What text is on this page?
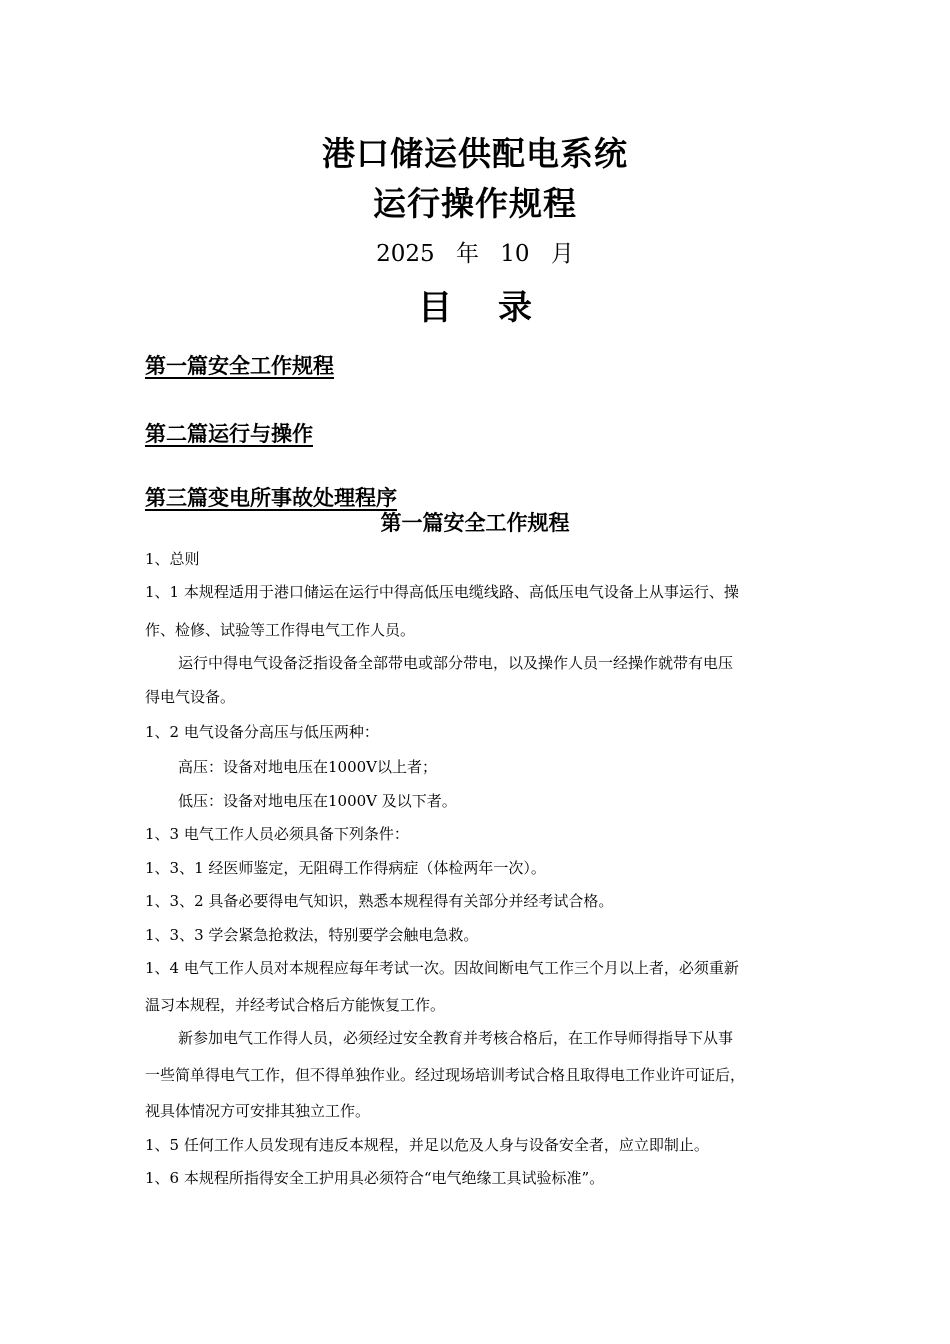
港口储运供配电系统
运行操作规程
2025 年 10 月
目录
第一篇安全工作规程
第二篇运行与操作
第三篇变电所事故处理程序
第一篇安全工作规程
1、总则
1、1 本规程适用于港口储运在运行中得高低压电缆线路、高低压电气设备上从事运行、操
作、检修、试验等工作得电气工作人员。
运行中得电气设备泛指设备全部带电或部分带电，以及操作人员一经操作就带有电压
得电气设备。
1、2 电气设备分高压与低压两种：
高压：设备对地电压在1000V以上者；
低压：设备对地电压在1000V 及以下者。
1、3 电气工作人员必须具备下列条件：
1、3、1 经医师鉴定，无阻碍工作得病症（体检两年一次）。
1、3、2 具备必要得电气知识，熟悉本规程得有关部分并经考试合格。
1、3、3 学会紧急抢救法，特别要学会触电急救。
1、4 电气工作人员对本规程应每年考试一次。因故间断电气工作三个月以上者，必须重新
温习本规程，并经考试合格后方能恢复工作。
新参加电气工作得人员，必须经过安全教育并考核合格后，在工作导师得指导下从事
一些简单得电气工作，但不得单独作业。经过现场培训考试合格且取得电工作业许可证后，
视具体情况方可安排其独立工作。
1、5 任何工作人员发现有违反本规程，并足以危及人身与设备安全者，应立即制止。
1、6 本规程所指得安全工护用具必须符合“电气绝缘工具试验标准”。
